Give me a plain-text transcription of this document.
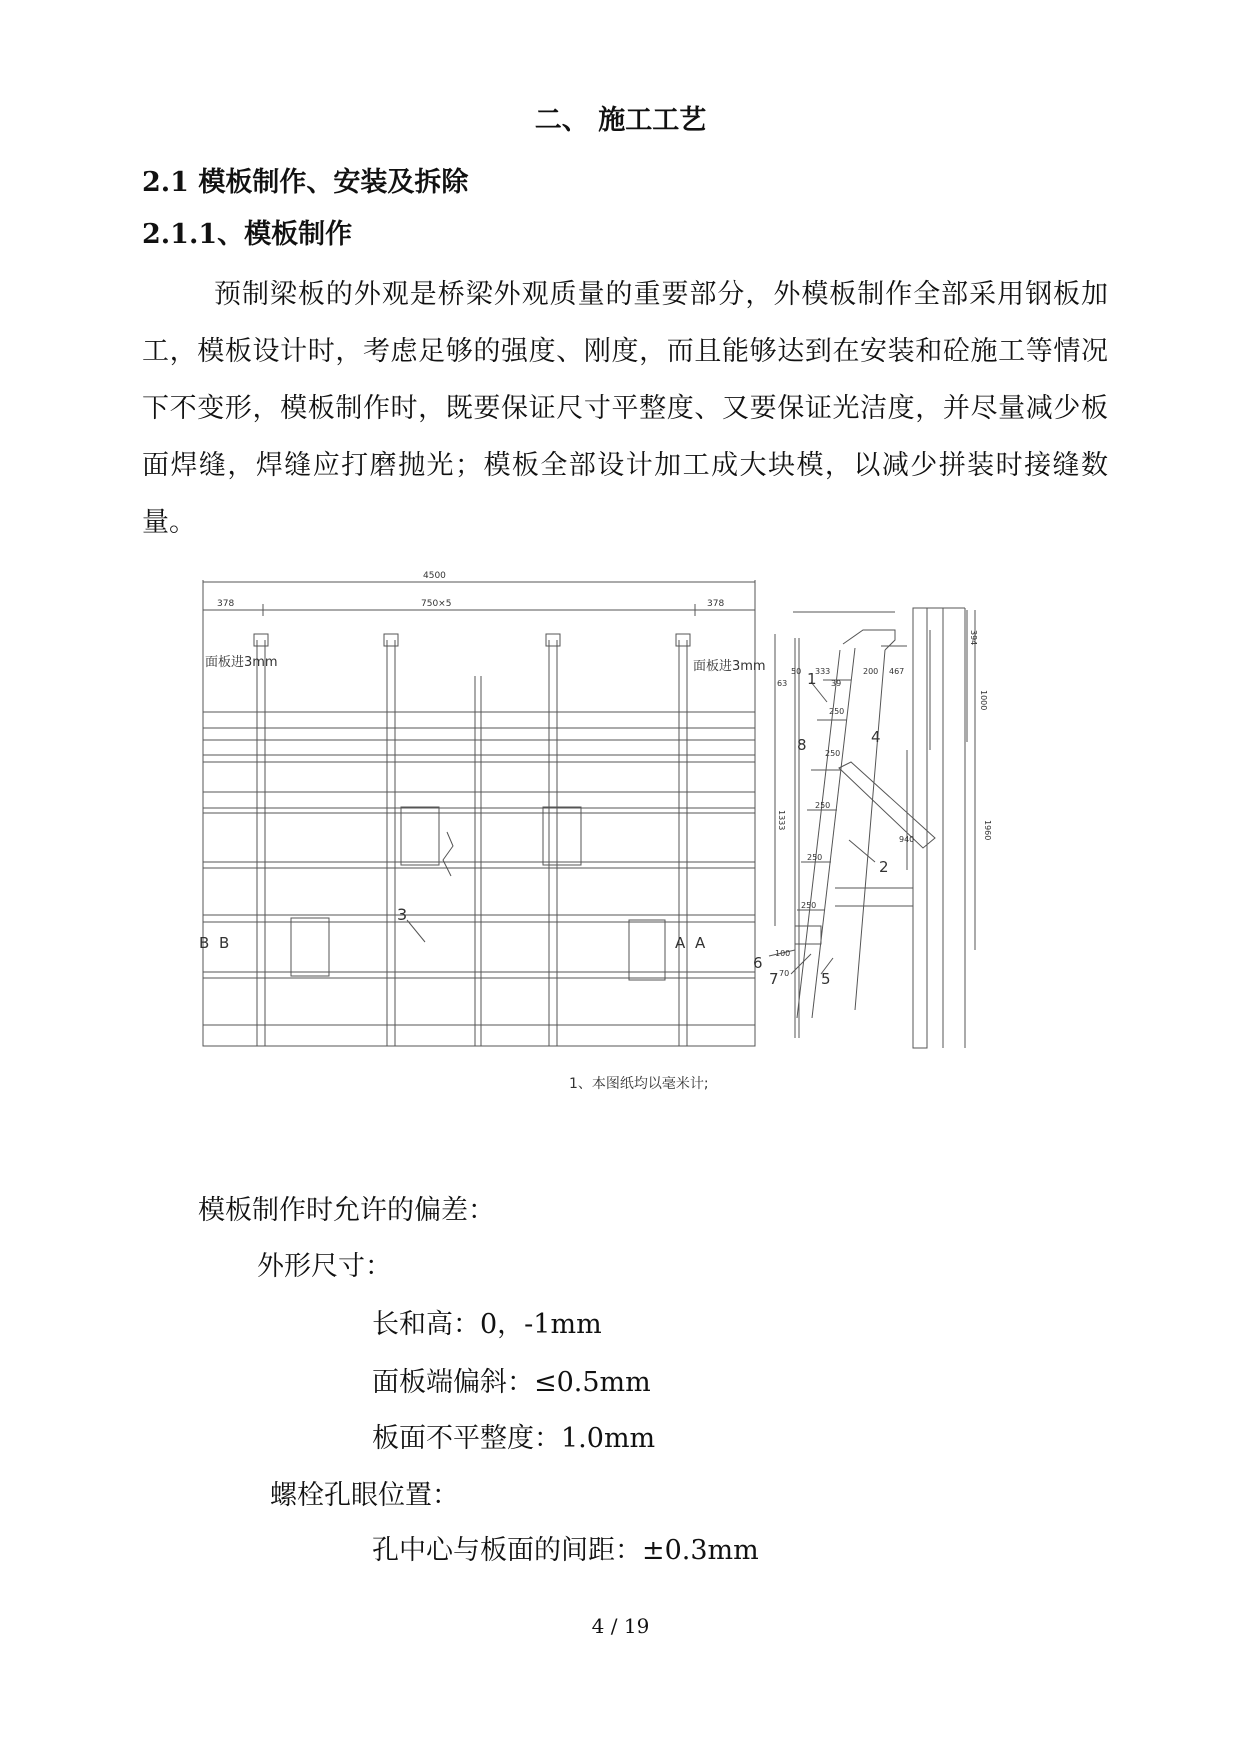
二、 施工工艺
2.1 模板制作、安装及拆除
2.1.1、模板制作
预制梁板的外观是桥梁外观质量的重要部分，外模板制作全部采用钢板加工，模板设计时，考虑足够的强度、刚度，而且能够达到在安装和砼施工等情况下不变形，模板制作时，既要保证尺寸平整度、又要保证光洁度，并尽量减少板面焊缝，焊缝应打磨抛光；模板全部设计加工成大块模，以减少拼装时接缝数量。
4500
378	750×5	378
面板进3mm	面板进3mm
3
B B	A A
1、本图纸均以毫米计;
50 333	200 467
394
1000
1960
63	39
1333
940
250
250
250
250
250
100
70
1
2
4
5
6
7
8
模板制作时允许的偏差：
外形尺寸：
长和高：0，-1mm
面板端偏斜：≤0.5mm
板面不平整度：1.0mm
螺栓孔眼位置：
孔中心与板面的间距：±0.3mm
4 / 19
